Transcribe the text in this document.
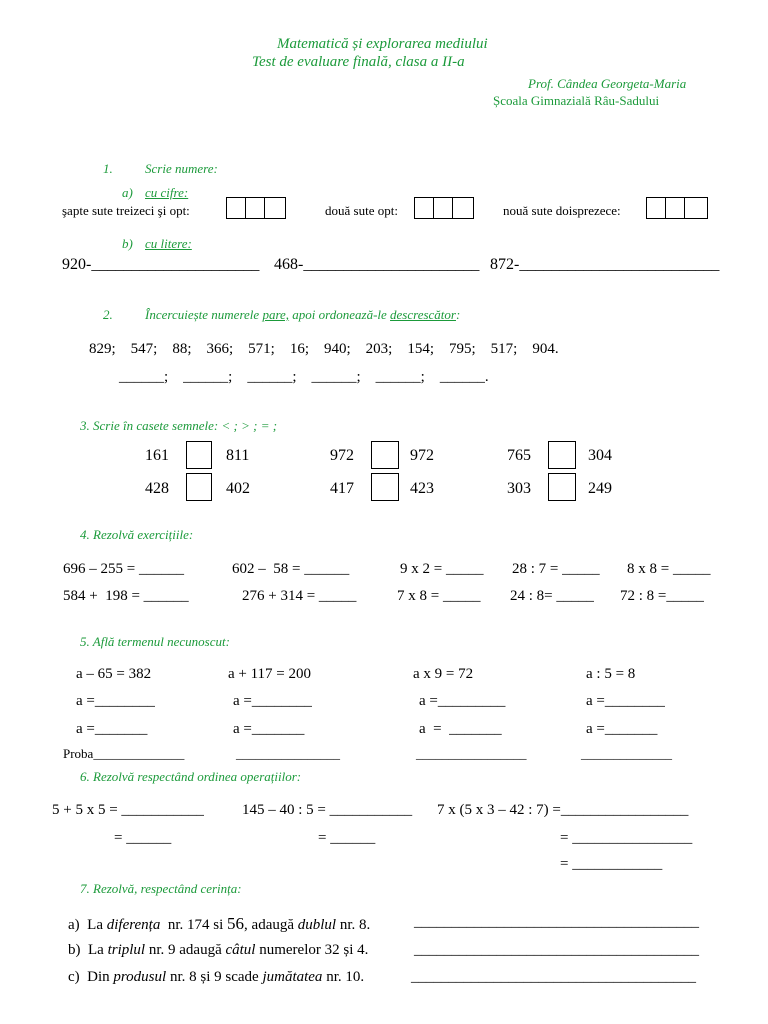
Matematică și explorarea mediului
Test de evaluare finală, clasa a II-a
Prof. Cândea Georgeta-Maria
Școala Gimnazială Râu-Sadului
1. Scrie numere:
a) cu cifre:
şapte sute treizeci şi opt:	două sute opt:	nouă sute doisprezece:
b) cu litere:
920-_____________________ 468-______________________ 872-_________________________
2. Încercuiește numerele pare, apoi ordonează-le descrescător:
829;    547;    88;    366;    571;    16;    940;    203;    154;    795;    517;    904.
______;    ______;    ______;    ______;    ______;    ______.
3. Scrie în casete semnele: < ; > ; = ;
161	811	972	972	765	304
428	402	417	423	303	249
4. Rezolvă exercițiile:
696 – 255 = ______	602 –  58 = ______	9 x 2 = _____ 28 : 7 = _____ 8 x 8 = _____
584 +  198 = ______	276 + 314 = _____	7 x 8 = _____ 24 : 8= _____ 72 : 8 =_____
5. Află termenul necunoscut:
a – 65 = 382	a + 117 = 200	a x 9 = 72	a : 5 = 8
a =________	a =________	a =_________	a =________
a =_______	a =_______	a  =  _______	a =_______
Proba______________	________________	_________________	______________
6. Rezolvă respectând ordinea operațiilor:
5 + 5 x 5 = ___________	145 – 40 : 5 = ___________ 7 x (5 x 3 – 42 : 7) =_________________
= ______	= ______	= ________________
= ____________
7. Rezolvă, respectând cerința:
a) La diferența  nr. 174 si 56, adaugă dublul nr. 8.	______________________________________
b) La triplul nr. 9 adaugă câtul numerelor 32 și 4.	______________________________________
c) Din produsul nr. 8 și 9 scade jumătatea nr. 10.	______________________________________
